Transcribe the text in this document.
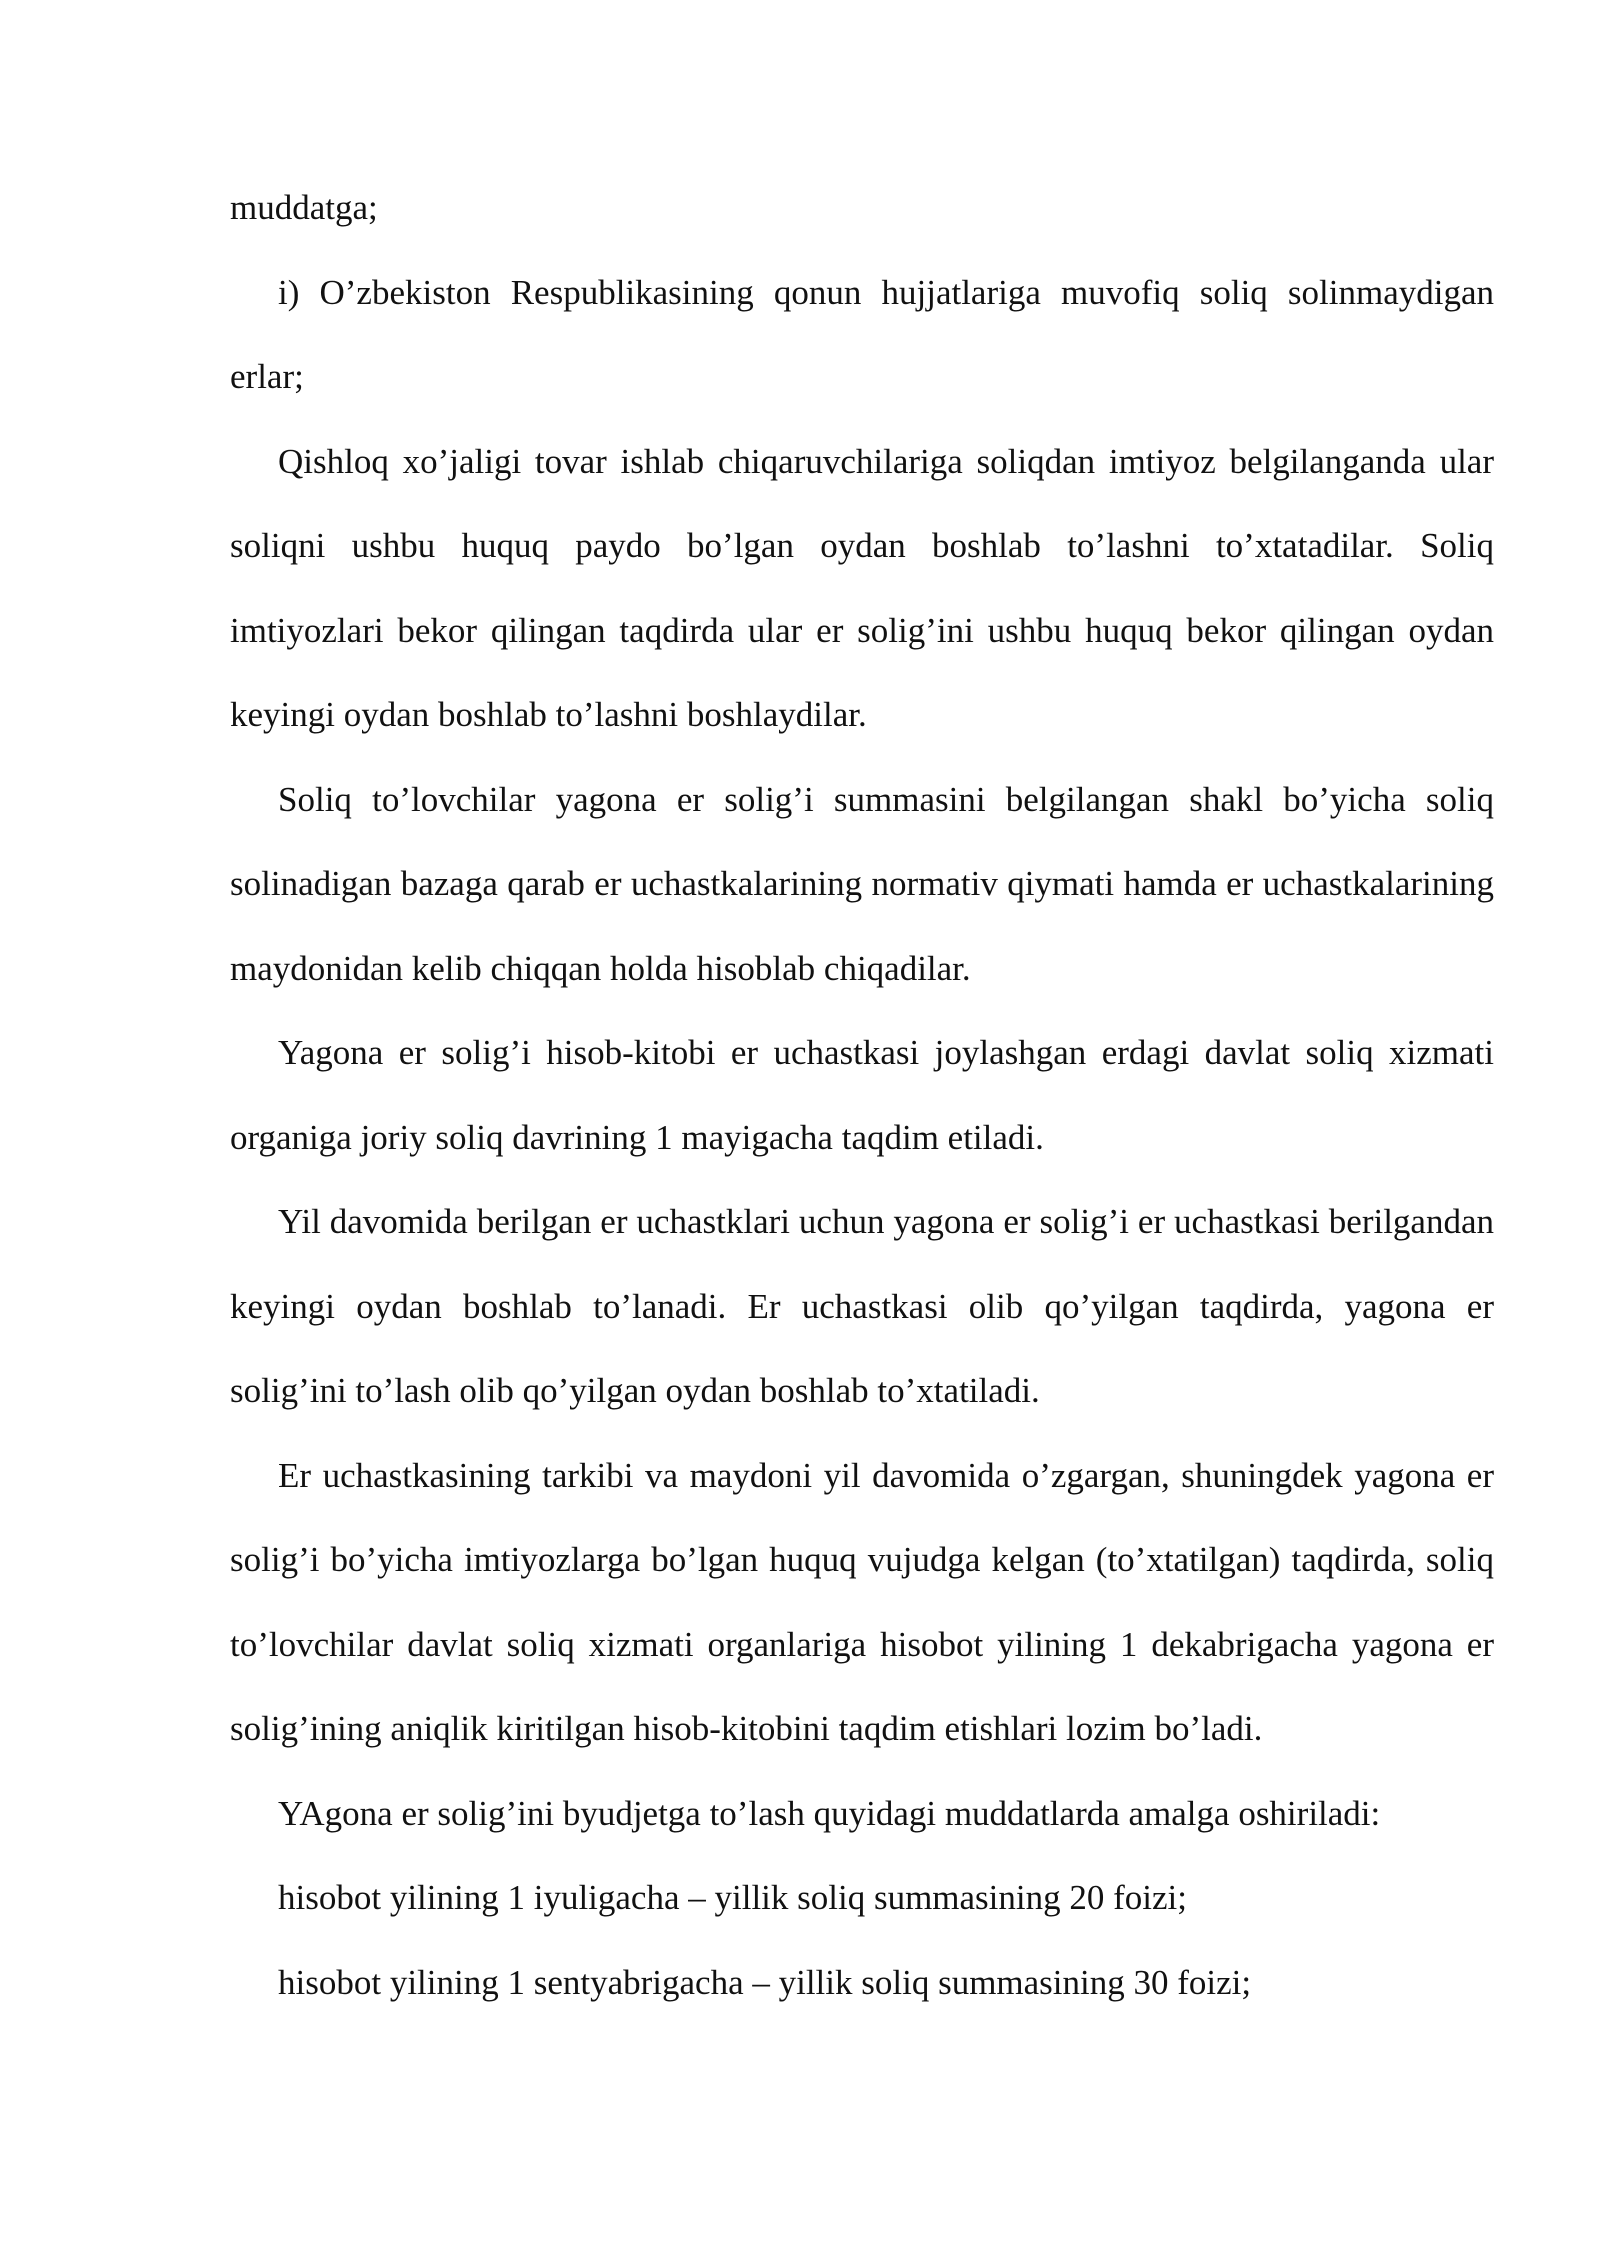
muddatga;

i) O’zbekiston Respublikasining qonun hujjatlariga muvofiq soliq solinmaydigan erlar;

Qishloq xo’jaligi tovar ishlab chiqaruvchilariga soliqdan imtiyoz belgilanganda ular soliqni ushbu huquq paydo bo’lgan oydan boshlab to’lashni to’xtatadilar. Soliq imtiyozlari bekor qilingan taqdirda ular er solig’ini ushbu huquq bekor qilingan oydan keyingi oydan boshlab to’lashni boshlaydilar.

Soliq to’lovchilar yagona er solig’i summasini belgilangan shakl bo’yicha soliq solinadigan bazaga qarab er uchastkalarining normativ qiymati hamda er uchastkalarining maydonidan kelib chiqqan holda hisoblab chiqadilar.

Yagona er solig’i hisob-kitobi er uchastkasi joylashgan erdagi davlat soliq xizmati organiga joriy soliq davrining 1 mayigacha taqdim etiladi.

Yil davomida berilgan er uchastklari uchun yagona er solig’i er uchastkasi berilgandan keyingi oydan boshlab to’lanadi. Er uchastkasi olib qo’yilgan taqdirda, yagona er solig’ini to’lash olib qo’yilgan oydan boshlab to’xtatiladi.

Er uchastkasining tarkibi va maydoni yil davomida o’zgargan, shuningdek yagona er solig’i bo’yicha imtiyozlarga bo’lgan huquq vujudga kelgan (to’xtatilgan) taqdirda, soliq to’lovchilar davlat soliq xizmati organlariga hisobot yilining 1 dekabrigacha yagona er solig’ining aniqlik kiritilgan hisob-kitobini taqdim etishlari lozim bo’ladi.

YAgona er solig’ini byudjetga to’lash quyidagi muddatlarda amalga oshiriladi:

hisobot yilining 1 iyuligacha – yillik soliq summasining 20 foizi;

hisobot yilining 1 sentyabrigacha – yillik soliq summasining 30 foizi;
